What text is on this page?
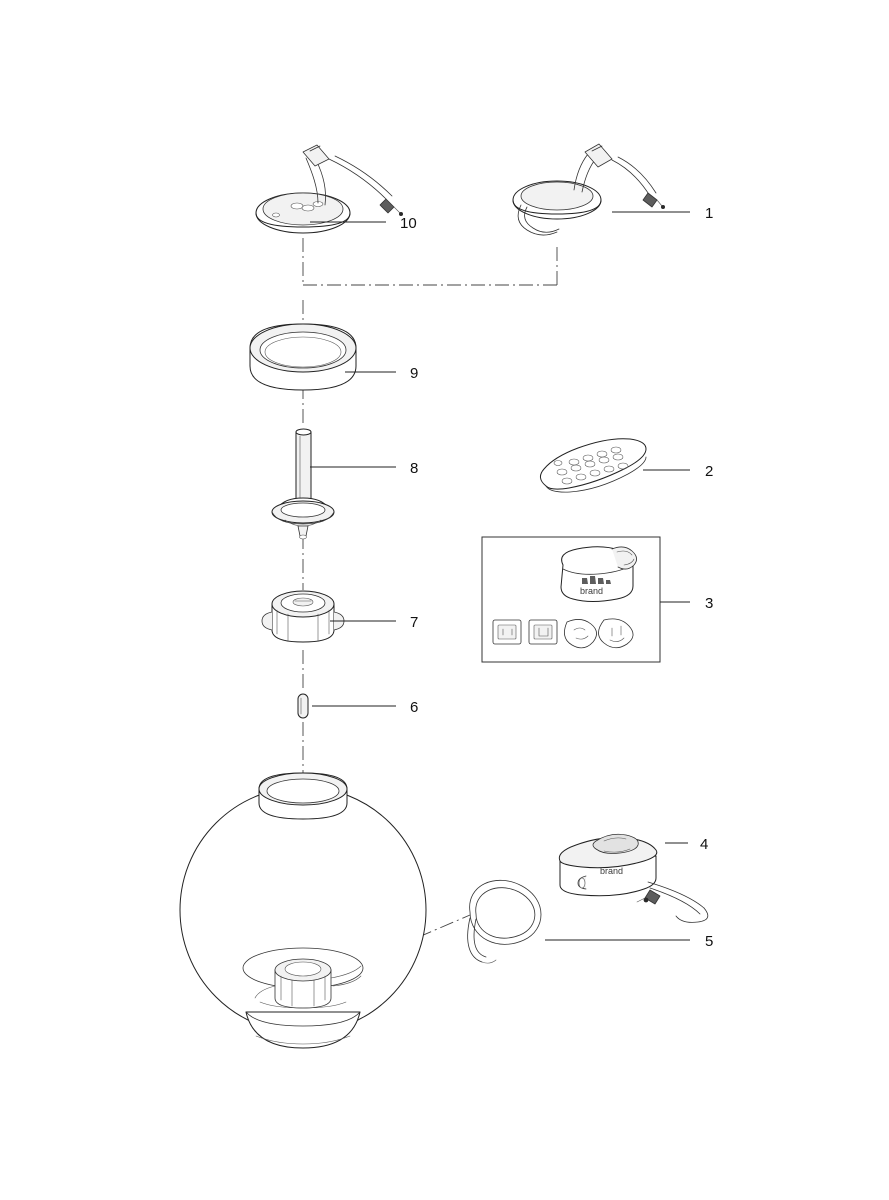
10
1
9
8
7
6
2
brand
3
brand
4
5
